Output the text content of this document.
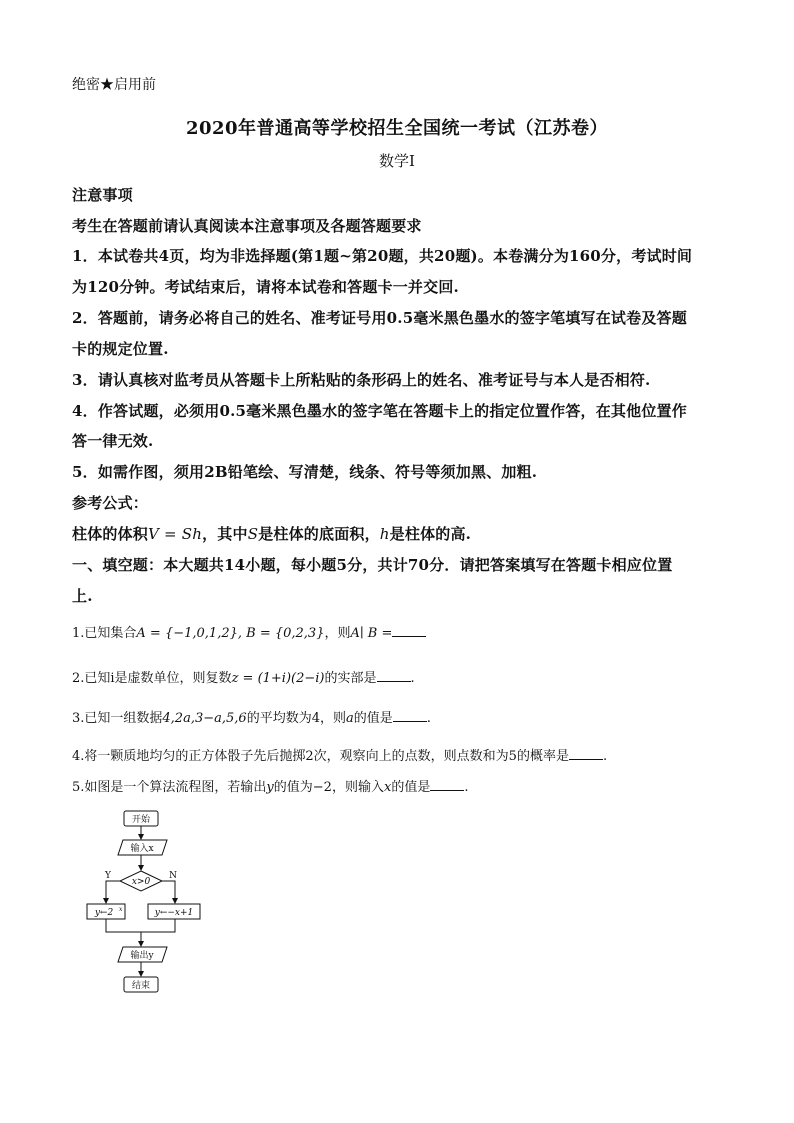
绝密★启用前
2020年普通高等学校招生全国统一考试（江苏卷）
数学Ⅰ
注意事项
考生在答题前请认真阅读本注意事项及各题答题要求
1．本试卷共4页，均为非选择题(第1题~第20题，共20题)。本卷满分为160分，考试时间
为120分钟。考试结束后，请将本试卷和答题卡一并交回.
2．答题前，请务必将自己的姓名、准考证号用0.5毫米黑色墨水的签字笔填写在试卷及答题
卡的规定位置.
3．请认真核对监考员从答题卡上所粘贴的条形码上的姓名、准考证号与本人是否相符.
4．作答试题，必须用0.5毫米黑色墨水的签字笔在答题卡上的指定位置作答，在其他位置作
答一律无效.
5．如需作图，须用2B铅笔绘、写清楚，线条、符号等须加黑、加粗.
参考公式：
柱体的体积V = Sh，其中S是柱体的底面积，h是柱体的高.
一、填空题：本大题共14小题，每小题5分，共计70分．请把答案填写在答题卡相应位置
上.
1.已知集合A = {−1,0,1,2}, B = {0,2,3}，则A∣ B =
2.已知i是虚数单位，则复数z = (1+i)(2−i)的实部是	.
3.已知一组数据4,2a,3−a,5,6的平均数为4，则a的值是	.
4.将一颗质地均匀的正方体骰子先后抛掷2次，观察向上的点数，则点数和为5的概率是	.
5.如图是一个算法流程图，若输出y的值为−2，则输入x的值是	.
开始
输入x
x>0
Y	N
y←2 x	y←−x+1
输出y
结束
